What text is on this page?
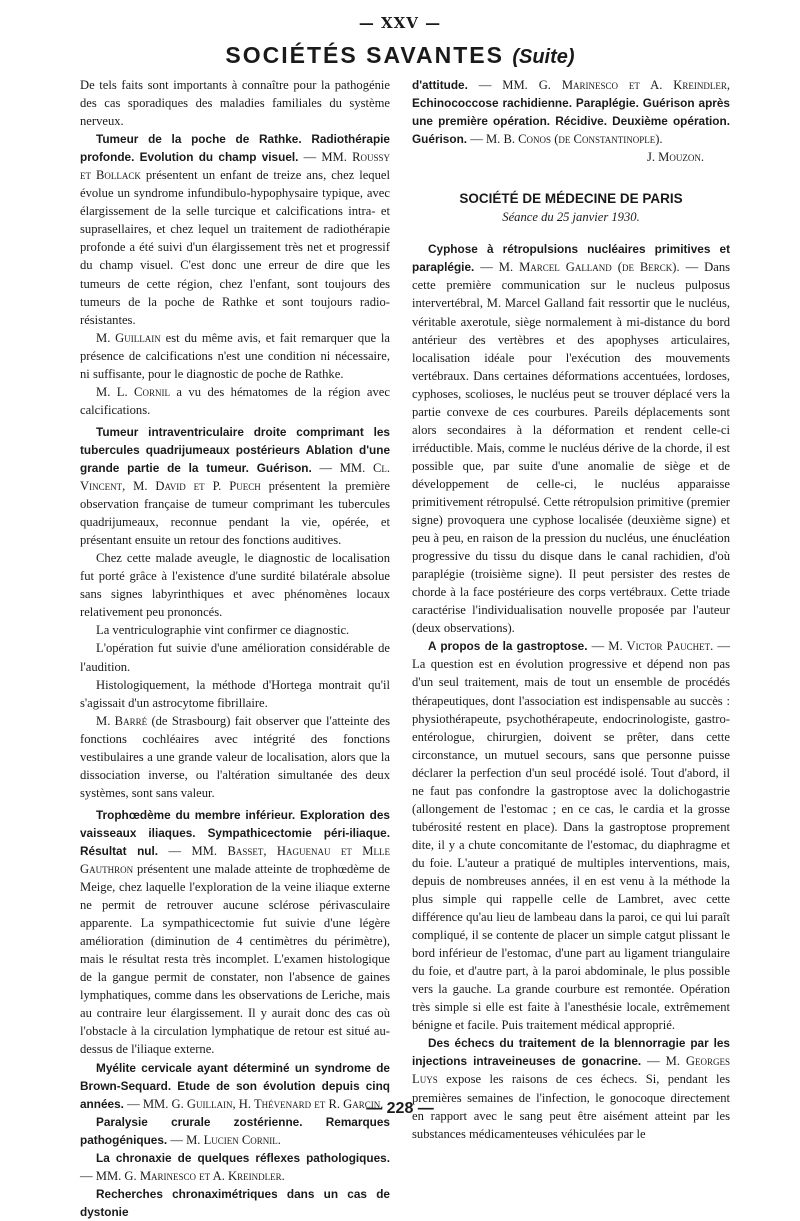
— XXV —
SOCIÉTÉS SAVANTES (Suite)

De tels faits sont importants à connaître pour la pathogénie des cas sporadiques des maladies familiales du système nerveux.

Tumeur de la poche de Rathke. Radiothérapie profonde. Evolution du champ visuel. — MM. Roussy et Bollack présentent un enfant de treize ans, chez lequel évolue un syndrome infundibulo-hypophysaire typique, avec élargissement de la selle turcique et calcifications intra- et suprasellaires, et chez lequel un traitement de radiothérapie profonde a été suivi d'un élargissement très net et progressif du champ visuel. C'est donc une erreur de dire que les tumeurs de cette région, chez l'enfant, sont toujours des tumeurs de la poche de Rathke et sont toujours radio-résistantes.

M. Guillain est du même avis, et fait remarquer que la présence de calcifications n'est une condition ni nécessaire, ni suffisante, pour le diagnostic de poche de Rathke.

M. L. Cornil a vu des hématomes de la région avec calcifications.

Tumeur intraventriculaire droite comprimant les tubercules quadrijumeaux postérieurs Ablation d'une grande partie de la tumeur. Guérison. — MM. Cl. Vincent, M. David et P. Puech présentent la première observation française de tumeur comprimant les tubercules quadrijumeaux, reconnue pendant la vie, opérée, et présentant ensuite un retour des fonctions auditives.

Chez cette malade aveugle, le diagnostic de localisation fut porté grâce à l'existence d'une surdité bilatérale absolue sans signes labyrinthiques et avec phénomènes locaux relativement peu prononcés.

La ventriculographie vint confirmer ce diagnostic.

L'opération fut suivie d'une amélioration considérable de l'audition.

Histologiquement, la méthode d'Hortega montrait qu'il s'agissait d'un astrocytome fibrillaire.

M. Barré (de Strasbourg) fait observer que l'atteinte des fonctions cochléaires avec intégrité des fonctions vestibulaires a une grande valeur de localisation, alors que la dissociation inverse, ou l'altération simultanée des deux systèmes, sont sans valeur.

Trophœdème du membre inférieur. Exploration des vaisseaux iliaques. Sympathicectomie péri-iliaque. Résultat nul. — MM. Basset, Haguenau et Mlle Gauthron présentent une malade atteinte de trophœdème de Meige, chez laquelle l'exploration de la veine iliaque externe ne permit de retrouver aucune sclérose périvasculaire apparente. La sympathicectomie fut suivie d'une légère amélioration (diminution de 4 centimètres du périmètre), mais le résultat resta très incomplet. L'examen histologique de la gangue permit de constater, non l'absence de gaines lymphatiques, comme dans les observations de Leriche, mais au contraire leur élargissement. Il y aurait donc des cas où l'obstacle à la circulation lymphatique de retour est situé au-dessus de l'iliaque externe.

Myélite cervicale ayant déterminé un syndrome de Brown-Sequard. Etude de son évolution depuis cinq années. — MM. G. Guillain, H. Thévenard et R. Garcin.

Paralysie crurale zostérienne. Remarques pathogéniques. — M. Lucien Cornil.

La chronaxie de quelques réflexes pathologiques. — MM. G. Marinesco et A. Kreindler.

Recherches chronaximétriques dans un cas de dystonie

d'attitude. — MM. G. Marinesco et A. Kreindler, Echinococcose rachidienne. Paraplégie. Guérison après une première opération. Récidive. Deuxième opération. Guérison. — M. B. Conos (de Constantinople).

J. Mouzon.

SOCIÉTÉ DE MÉDECINE DE PARIS

Séance du 25 janvier 1930.

Cyphose à rétropulsions nucléaires primitives et paraplégie. — M. Marcel Galland (de Berck). — Dans cette première communication sur le nucleus pulposus intervertébral, M. Marcel Galland fait ressortir que le nucléus, véritable axerotule, siège normalement à mi-distance du bord antérieur des vertèbres et des apophyses articulaires, localisation idéale pour l'exécution des mouvements vertébraux. Dans certaines déformations accentuées, lordoses, cyphoses, scolioses, le nucléus peut se trouver déplacé vers la partie convexe de ces courbures. Pareils déplacements sont alors secondaires à la déformation et rendent celle-ci irréductible. Mais, comme le nucléus dérive de la chorde, il est possible que, par suite d'une anomalie de siège et de développement de celle-ci, le nucléus apparaisse primitivement rétropulsé. Cette rétropulsion primitive (premier signe) provoquera une cyphose localisée (deuxième signe) et peu à peu, en raison de la pression du nucléus, une énucléation progressive du tissu du disque dans le canal rachidien, d'où paraplégie (troisième signe). Il peut persister des restes de chorde à la face postérieure des corps vertébraux. Cette triade caractérise l'individualisation nouvelle proposée par l'auteur (deux observations).

A propos de la gastroptose. — M. Victor Pauchet. — La question est en évolution progressive et dépend non pas d'un seul traitement, mais de tout un ensemble de procédés thérapeutiques, dont l'association est indispensable au succès : physiothérapeute, psychothérapeute, endocrinologiste, gastro-entérologue, chirurgien, doivent se prêter, dans cette circonstance, un mutuel secours, sans que personne puisse déclarer la perfection d'un seul procédé isolé. Tout d'abord, il ne faut pas confondre la gastroptose avec la dolichogastrie (allongement de l'estomac ; en ce cas, le cardia et la grosse tubérosité restent en place). Dans la gastroptose proprement dite, il y a chute concomitante de l'estomac, du diaphragme et du foie. L'auteur a pratiqué de multiples interventions, mais, depuis de nombreuses années, il en est venu à la méthode la plus simple qui rappelle celle de Lambret, avec cette différence qu'au lieu de lambeau dans la paroi, ce qui lui paraît compliqué, il se contente de placer un simple catgut plissant le bord inférieur de l'estomac, d'une part au ligament triangulaire du foie, et d'autre part, à la paroi abdominale, le plus possible vers la gauche. La grande courbure est remontée. Opération très simple si elle est faite à l'anesthésie locale, extrêmement bénigne et facile. Puis traitement médical approprié.

Des échecs du traitement de la blennorragie par les injections intraveineuses de gonacrine. — M. Georges Luys expose les raisons de ces échecs. Si, pendant les premières semaines de l'infection, le gonocoque directement en rapport avec le sang peut être aisément atteint par les substances médicamenteuses véhiculées par le

— 228 —
